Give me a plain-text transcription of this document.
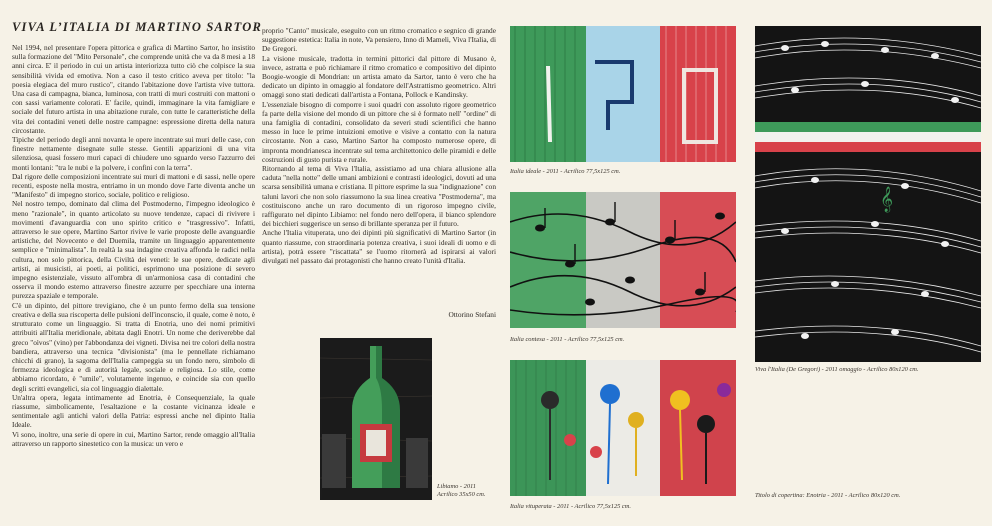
VIVA L’ITALIA DI MARTINO SARTOR

Nel 1994, nel presentare l'opera pittorica e grafica di Martino Sartor, ho insistito sulla formazione del "Mito Personale", che comprende unità che va da 8 mesi a 18 anni circa. E' il periodo in cui un artista interiorizza tutto ciò che colpisce la sua sensibilità vivida ed emotiva. Non a caso il testo critico aveva per titolo: "la poesia elegiaca del muro rustico", citando l'abitazione dove l'artista vive tuttora. Una casa di campagna, bianca, luminosa, con tratti di muri costruiti con mattoni o con sassi variamente colorati. E' facile, quindi, immaginare la vita famigliare e sociale del futuro artista in una abitazione rurale, con tutte le caratteristiche della vita dei contadini veneti delle nostre campagne: espressione diretta della natura circostante.

Tipiche del periodo degli anni novanta le opere incentrate sui muri delle case, con finestre nettamente disegnate sulle stesse. Gentili apparizioni di una vita silenziosa, quasi fossero muri capaci di chiudere uno sguardo verso l'azzurro dei monti lontani: "tra le nubi e la polvere, i confini con la terra".

Dal rigore delle composizioni incentrate sui muri di mattoni e di sassi, nelle opere recenti, esposte nella mostra, entriamo in un mondo dove l'arte diventa anche un "Manifesto" di impegno storico, sociale, politico e religioso.

Nel nostro tempo, dominato dal clima del Postmoderno, l'impegno ideologico è meno "razionale", in quanto articolato su nuove tendenze, capaci di rivivere i movimenti d'avanguardia con uno spirito critico e "trasgressivo". Infatti, attraverso le sue opere, Martino Sartor rivive le varie proposte delle avanguardie artistiche, del Novecento e del Duemila, tramite un linguaggio apparentemente semplice e "minimalista". In realtà la sua indagine creativa affonda le radici nella cultura, non solo pittorica, della Civiltà dei veneti: le sue opere, dedicate agli artisti, ai musicisti, ai poeti, ai politici, esprimono una posizione di severo impegno esistenziale, vissuto all'ombra di un'armoniosa casa di contadini che osserva il mondo esterno attraverso finestre azzurre per specchiare una interna purezza spaziale e temporale.

C'è un dipinto, del pittore trevigiano, che è un punto fermo della sua tensione creativa e della sua riscoperta delle pulsioni dell'inconscio, il quale, come è noto, è strutturato come un linguaggio. Si tratta di Enotria, uno dei nomi primitivi attribuiti all'Italia meridionale, abitata dagli Enotri. Un nome che deriverebbe dal greco "oìvos" (vino) per l'abbondanza dei vigneti. Divisa nei tre colori della nostra bandiera, attraverso una tecnica "divisionista" (ma le pennellate richiamano chicchi di grano), la sagoma dell'Italia campeggia su un fondo nero, simbolo di fermezza ideologica e di autorità legale, sociale e religiosa. Lo stile, come abbiamo ricordato, è "umile", volutamente ingenuo, e coincide sia con quello degli scritti evangelici, sia col linguaggio dialettale.

Un'altra opera, legata intimamente ad Enotria, è Consequenziale, la quale riassume, simbolicamente, l'esaltazione e la costante vicinanza ideale e sentimentale agli antichi valori della Patria: espressi anche nel dipinto Italia Ideale.

Vi sono, inoltre, una serie di opere in cui, Martino Sartor, rende omaggio all'Italia attraverso un rapporto sinestetico con la musica: un vero e

proprio "Canto" musicale, eseguito con un ritmo cromatico e segnico di grande suggestione estetica: Italia in note, Va pensiero, Inno di Mameli, Viva l'Italia, di De Gregori.

La visione musicale, tradotta in termini pittorici dal pittore di Musano è, invece, astratta e può richiamare il ritmo cromatico e compositivo del dipinto Boogie-woogie di Mondrian: un artista amato da Sartor, tanto è vero che ha dedicato un dipinto in omaggio al fondatore dell'Astrattismo geometrico. Altri omaggi sono stati dedicati dall'artista a Fontana, Pollock e Kandinsky.

L'essenziale bisogno di comporre i suoi quadri con assoluto rigore geometrico fa parte della visione del mondo di un pittore che si è formato nell' "ordine" di una famiglia di contadini, consolidato da severi studi scientifici che hanno messo in luce le prime intuizioni emotive e visive a contatto con la natura circostante. Non a caso, Martino Sartor ha composto numerose opere, di impronta mondrianesca incentrate sul tema architettonico delle piramidi e delle costruzioni di gusto purista e rurale.

Ritornando al tema di Viva l'Italia, assistiamo ad una chiara allusione alla caduta "nella notte" delle umani ambizioni e contrasti ideologici, dovuti ad una scarsa sensibilità umana e cristiana. Il pittore esprime la sua "indignazione" con taluni lavori che non solo riassumono la sua linea creativa "Postmoderna", ma costituiscono anche un raro documento di un rigoroso impegno civile, raffigurato nel dipinto Libiamo: nel fondo nero dell'opera, il bianco splendore dei bicchieri suggerisce un senso di brillante speranza per il futuro.

Anche l'Italia vituperata, uno dei dipinti più significativi di Martino Sartor (in quanto riassume, con straordinaria potenza creativa, i suoi ideali di uomo e di artista), potrà essere "riscattata" se l'uomo ritornerà ad ispirarsi ai valori divulgati nel passato dai protagonisti che hanno creato l'unità d'Italia.

Ottorino Stefani
Libiamo - 2011
Acrilico 35x50 cm.
Italia ideale - 2011 - Acrilico 77,5x125 cm.
Italia contesa - 2011 - Acrilico 77,5x125 cm.
Italia vituperata - 2011 - Acrilico 77,5x125 cm.
𝄞
Viva l'Italia (De Gregori) - 2011 omaggio - Acrilico 80x120 cm.
Titolo di copertina: Enotria - 2011 - Acrilico 80x120 cm.
